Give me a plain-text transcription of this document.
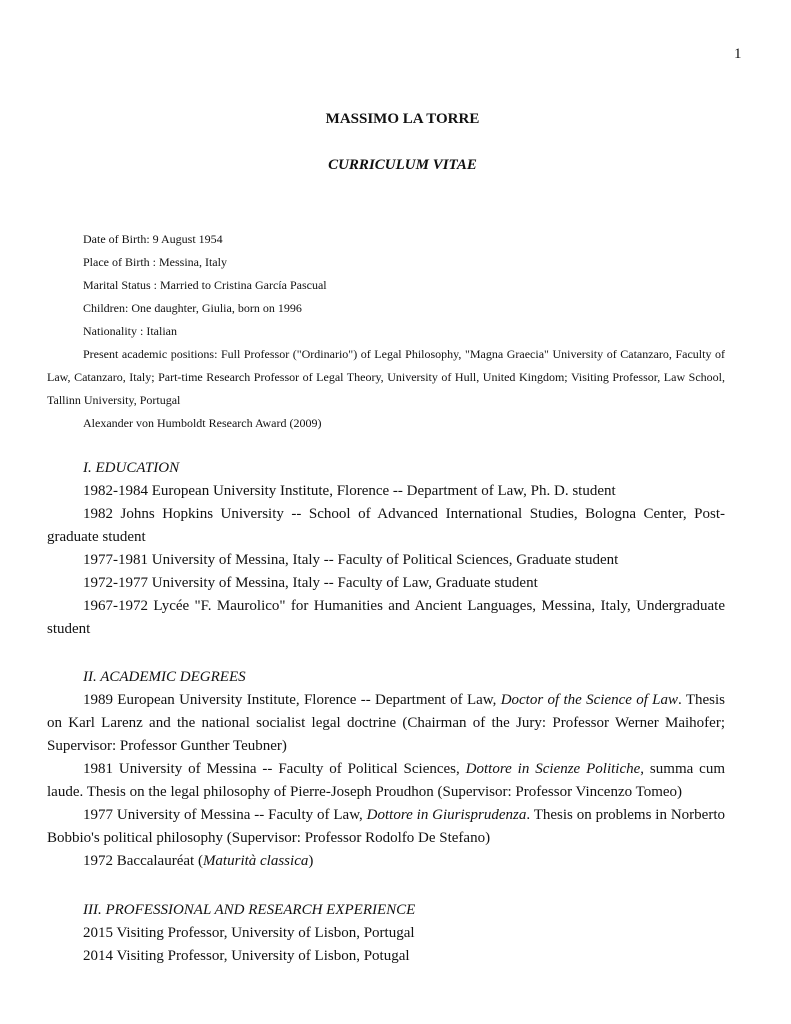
1
MASSIMO LA TORRE
CURRICULUM VITAE

Date of Birth: 9 August 1954

Place of Birth : Messina, Italy

Marital Status : Married to Cristina García Pascual

Children: One daughter, Giulia, born on 1996

Nationality : Italian

Present academic positions: Full Professor ("Ordinario") of Legal Philosophy, "Magna Graecia" University of Catanzaro, Faculty of Law, Catanzaro, Italy; Part-time Research Professor of Legal Theory, University of Hull, United Kingdom; Visiting Professor, Law School, Tallinn University, Portugal

Alexander von Humboldt Research Award (2009)

I. EDUCATION

1982-1984 European University Institute, Florence -- Department of Law, Ph. D. student

1982 Johns Hopkins University -- School of Advanced International Studies, Bologna Center, Post-graduate student

1977-1981 University of Messina, Italy -- Faculty of Political Sciences, Graduate student

1972-1977 University of Messina, Italy -- Faculty of Law, Graduate student

1967-1972 Lycée "F. Maurolico" for Humanities and Ancient Languages, Messina, Italy, Undergraduate student

II. ACADEMIC DEGREES

1989 European University Institute, Florence -- Department of Law, Doctor of the Science of Law. Thesis on Karl Larenz and the national socialist legal doctrine (Chairman of the Jury: Professor Werner Maihofer; Supervisor: Professor Gunther Teubner)

1981 University of Messina -- Faculty of Political Sciences, Dottore in Scienze Politiche, summa cum laude. Thesis on the legal philosophy of Pierre-Joseph Proudhon (Supervisor: Professor Vincenzo Tomeo)

1977 University of Messina -- Faculty of Law, Dottore in Giurisprudenza. Thesis on problems in Norberto Bobbio's political philosophy (Supervisor: Professor Rodolfo De Stefano)

1972 Baccalauréat (Maturità classica)

III. PROFESSIONAL AND RESEARCH EXPERIENCE

2015 Visiting Professor, University of Lisbon, Portugal

2014 Visiting Professor, University of Lisbon, Potugal
